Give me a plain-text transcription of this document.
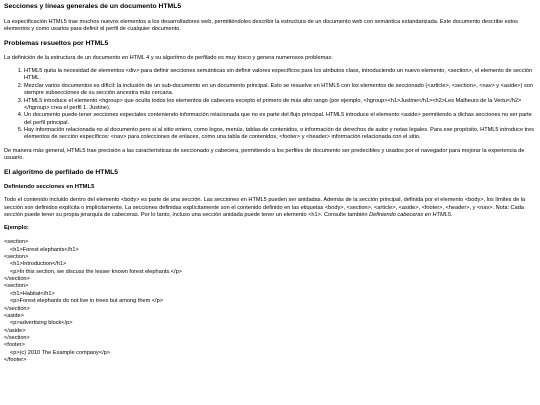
Secciones y líneas generales de un documento HTML5

La especificación HTML5 trae muchos nuevos elementos a los desarrolladores web, permitiéndoles describir la estructura de un documento web con semántica estandarizada. Este documento describe estos elementos y como usarlos para definir el perfil de cualquier documento.

Problemas resueltos por HTML5

La definición de la estructura de un documento en HTML 4 y su algoritmo de perfilado es muy tosco y genera numerosos problemas:

1. HTML5 quita la necesidad de elementos <div> para definir secciones semánticas sin definir valores específicos para los atributos class, introduciendo un nuevo elemento, <section>, el elemento de sección HTML.
2. Mezclar varios documentos es difícil: la inclusión de un sub-documento en un documento principal. Esto se resuelve en HTML5 con los elementos de seccionado (<article>, <section>, <nav> y <aside>) son siempre subsecciones de su sección ancestra más cercana.
3. HTML5 introduce el elemento <hgroup> que oculta todos los elementos de cabecera excepto el primero de más alto rango (por ejemplo, <hgroup><h1>Justine</h1><h2>Les Malheurs de la Vertu</h2></hgroup> crea el perfil 1. Justine).
4. Un documento puede tener secciones especiales conteniendo información relacionada que no es parte del flujo principal. HTML5 introduce el elemento <aside> permitiendo a dichas secciones no ser parte del perfil principal.
5. Hay información relacionada no al documento pero si al sitio entero, como logos, menús, tablas de contenidos, o información de derechos de autor y notas legales. Para ese propósito, HTML5 introduce tres elementos de sección específicos: <nav> para colecciones de enlaces, como una tabla de contenidos, <footer> y <header> información relacionada con el sitio.

De manera más general, HTML5 trae precisión a las características de seccionado y cabecera, permitiendo a los perfiles de documento ser predecibles y usados por el navegador para mejorar la experiencia de usuario.

El algoritmo de perfilado de HTML5
Definiendo secciones en HTML5

Todo el contenido incluido dentro del elemento <body> es parte de una sección. Las secciones en HTML5 pueden ser anidadas. Además de la sección principal, definida por el elemento <body>, los límites de la sección son definidos explícita o implícitamente. La secciones definidas explícitamente son el contenido definido en las etiquetas <body>, <section>, <article>, <aside>, <footer>, <header>, y <nav>. Nota: Cada sección puede tener su propia jerarquía de cabeceras. Por lo tanto, incluso una sección anidada puede tener un elemento <h1>. Consulte también Definiendo cabeceras en HTML5.

Ejemplo:
<section>
<h1>Forest elephants</h1>
<section>
<h1>Introduction</h1>
<p>In this section, we discuss the lesser known forest elephants.</p>
</section>
<section>
<h1>Habitat</h1>
<p>Forest elephants do not live in trees but among them </p>
</section>
<aside>
<p>advertising block</p>
</aside>
</section>
<footer>
<p>(c) 2010 The Example company</p>
</footer>
